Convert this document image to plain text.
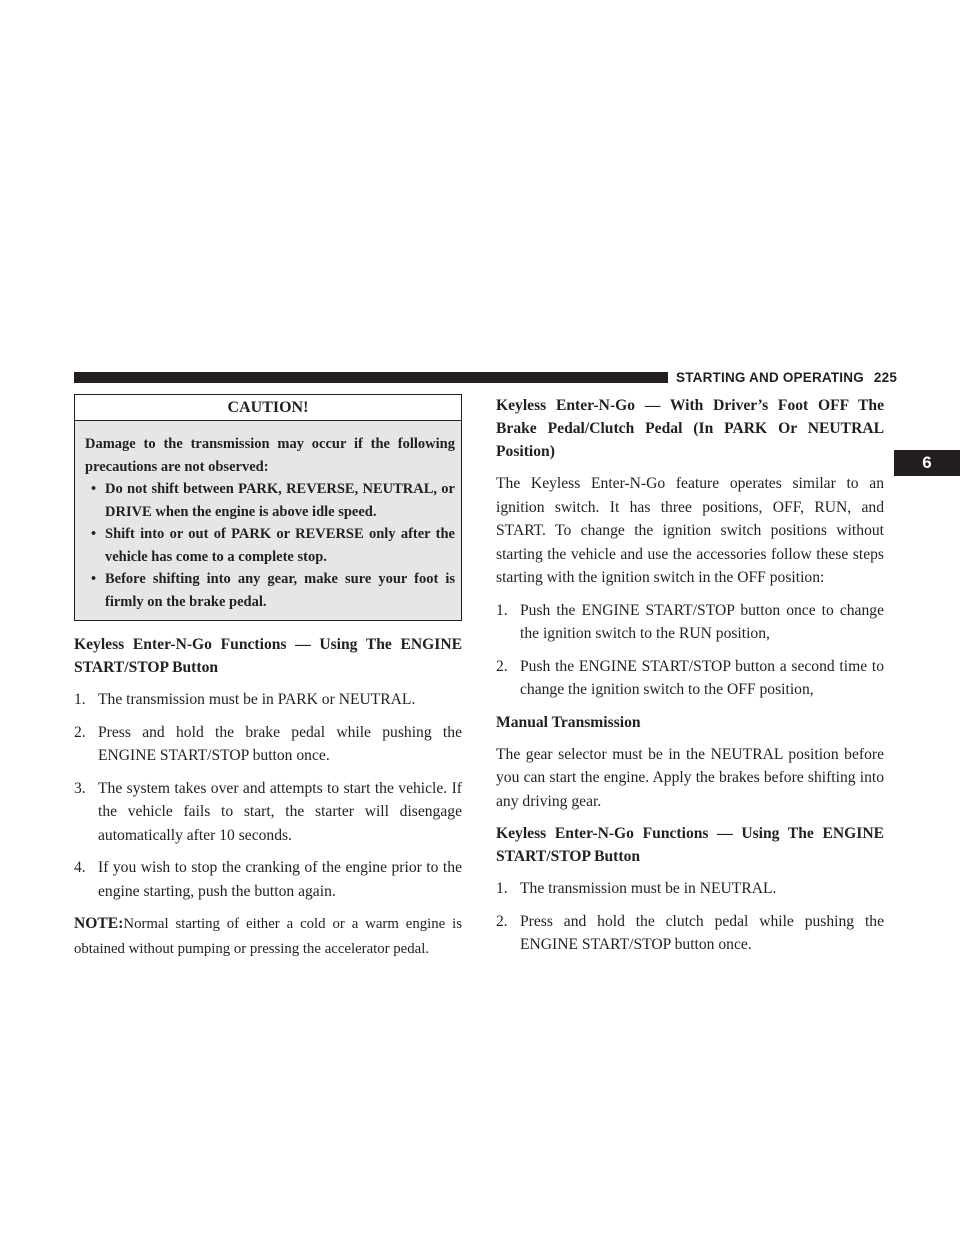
STARTING AND OPERATING 225
6
CAUTION!

Damage to the transmission may occur if the following precautions are not observed:

• Do not shift between PARK, REVERSE, NEUTRAL, or DRIVE when the engine is above idle speed.
• Shift into or out of PARK or REVERSE only after the vehicle has come to a complete stop.
• Before shifting into any gear, make sure your foot is firmly on the brake pedal.
Keyless Enter-N-Go Functions — Using The ENGINE START/STOP Button
1. The transmission must be in PARK or NEUTRAL.
2. Press and hold the brake pedal while pushing the ENGINE START/STOP button once.
3. The system takes over and attempts to start the vehicle. If the vehicle fails to start, the starter will disengage automatically after 10 seconds.
4. If you wish to stop the cranking of the engine prior to the engine starting, push the button again.

NOTE:Normal starting of either a cold or a warm engine is obtained without pumping or pressing the accelerator pedal.

Keyless Enter-N-Go — With Driver’s Foot OFF The Brake Pedal/Clutch Pedal (In PARK Or NEUTRAL Position)

The Keyless Enter-N-Go feature operates similar to an ignition switch. It has three positions, OFF, RUN, and START. To change the ignition switch positions without starting the vehicle and use the accessories follow these steps starting with the ignition switch in the OFF position:

1. Push the ENGINE START/STOP button once to change the ignition switch to the RUN position,
2. Push the ENGINE START/STOP button a second time to change the ignition switch to the OFF position,
Manual Transmission

The gear selector must be in the NEUTRAL position before you can start the engine. Apply the brakes before shifting into any driving gear.

Keyless Enter-N-Go Functions — Using The ENGINE START/STOP Button
1. The transmission must be in NEUTRAL.
2. Press and hold the clutch pedal while pushing the ENGINE START/STOP button once.
